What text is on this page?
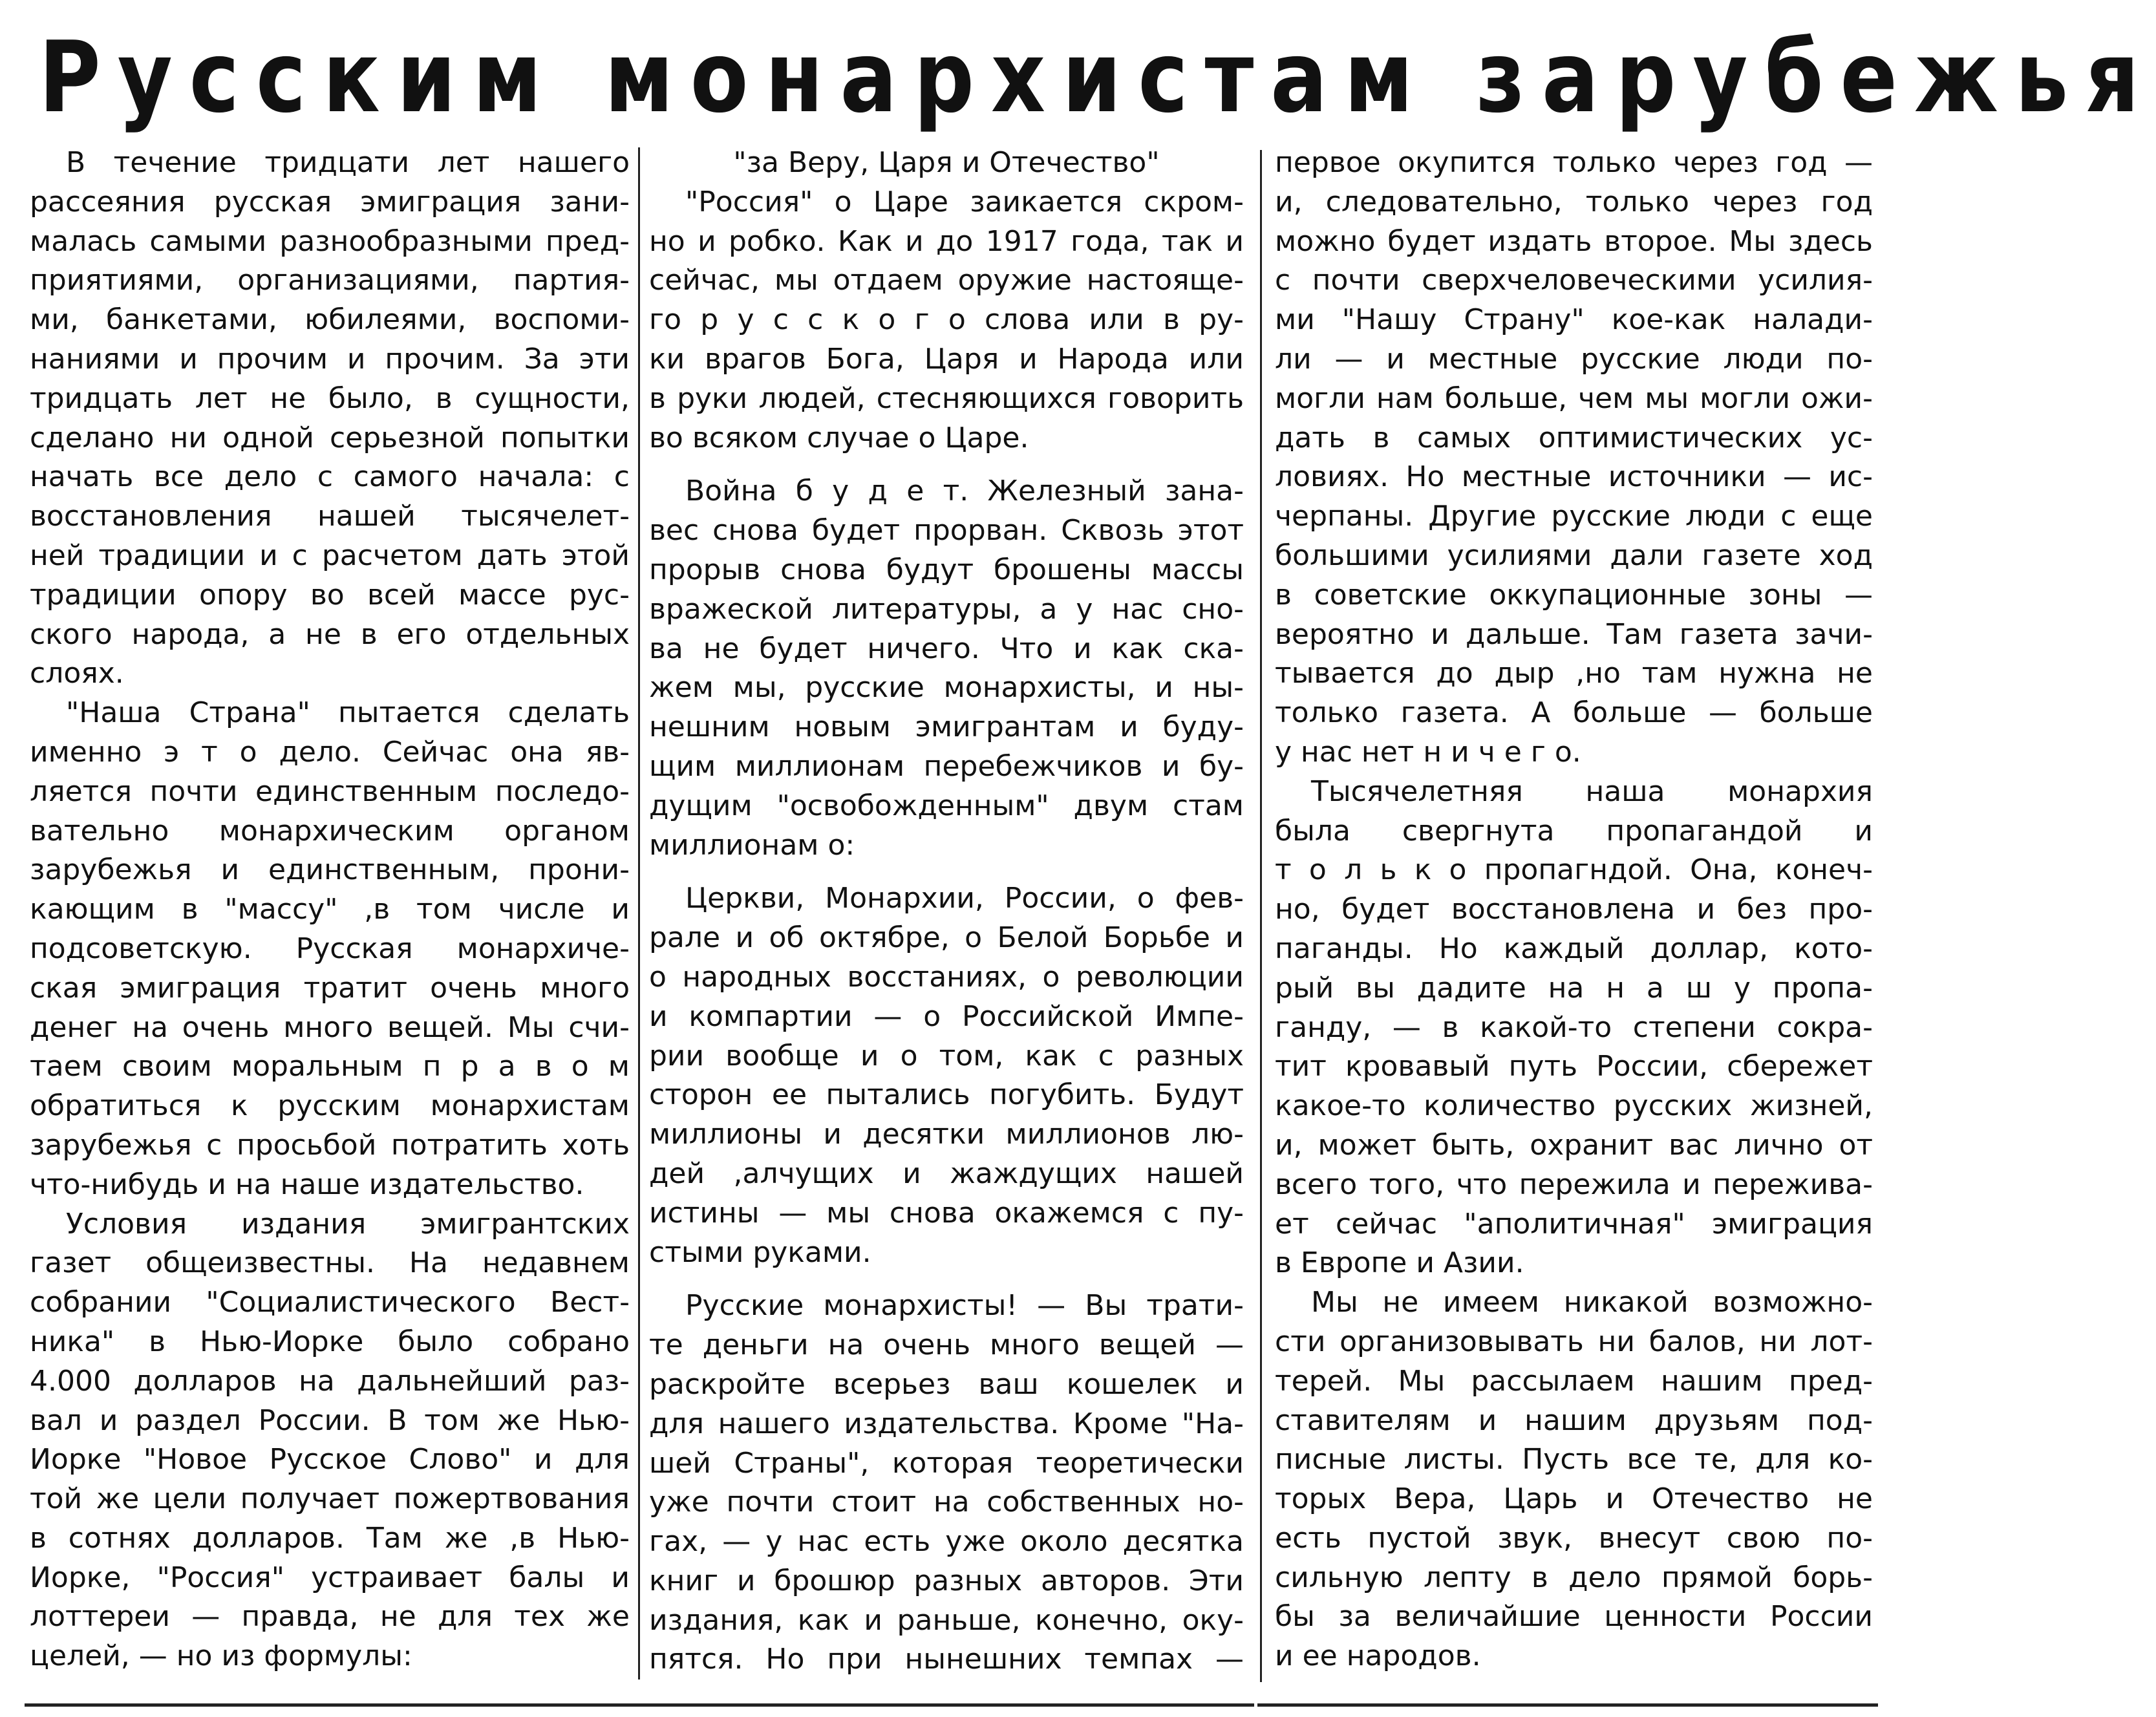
Русским монархистам зарубежья
В течение тридцати лет нашего
рассеяния русская эмиграция зани-
малась самыми разнообразными пред-
приятиями, организациями, партия-
ми, банкетами, юбилеями, воспоми-
наниями и прочим и прочим. За эти
тридцать лет не было, в сущности,
сделано ни одной серьезной попытки
начать все дело с самого начала: с
восстановления нашей тысячелет-
ней традиции и с расчетом дать этой
традиции опору во всей массе рус-
ского народа, а не в его отдельных
слоях.
"Наша Страна" пытается сделать
именно э т о дело. Сейчас она яв-
ляется почти единственным последо-
вательно монархическим органом
зарубежья и единственным, прони-
кающим в "массу" ,в том числе и
подсоветскую. Русская монархиче-
ская эмиграция тратит очень много
денег на очень много вещей. Мы счи-
таем своим моральным п р а в о м
обратиться к русским монархистам
зарубежья с просьбой потратить хоть
что-нибудь и на наше издательство.
Условия издания эмигрантских
газет общеизвестны. На недавнем
собрании "Социалистического Вест-
ника" в Нью-Иорке было собрано
4.000 долларов на дальнейший раз-
вал и раздел России. В том же Нью-
Иорке "Новое Русское Слово" и для
той же цели получает пожертвования
в сотнях долларов. Там же ,в Нью-
Иорке, "Россия" устраивает балы и
лоттереи — правда, не для тех же
целей, — но из формулы:
"за Веру, Царя и Отечество"
"Россия" о Царе заикается скром-
но и робко. Как и до 1917 года, так и
сейчас, мы отдаем оружие настояще-
го р у с с к о г о слова или в ру-
ки врагов Бога, Царя и Народа или
в руки людей, стесняющихся говорить
во всяком случае о Царе.
Война б у д е т. Железный зана-
вес снова будет прорван. Сквозь этот
прорыв снова будут брошены массы
вражеской литературы, а у нас сно-
ва не будет ничего. Что и как ска-
жем мы, русские монархисты, и ны-
нешним новым эмигрантам и буду-
щим миллионам перебежчиков и бу-
дущим "освобожденным" двум стам
миллионам о:
Церкви, Монархии, России, о фев-
рале и об октябре, о Белой Борьбе и
о народных восстаниях, о революции
и компартии — о Российской Импе-
рии вообще и о том, как с разных
сторон ее пытались погубить. Будут
миллионы и десятки миллионов лю-
дей ,алчущих и жаждущих нашей
истины — мы снова окажемся с пу-
стыми руками.
Русские монархисты! — Вы трати-
те деньги на очень много вещей —
раскройте всерьез ваш кошелек и
для нашего издательства. Кроме "На-
шей Страны", которая теоретически
уже почти стоит на собственных но-
гах, — у нас есть уже около десятка
книг и брошюр разных авторов. Эти
издания, как и раньше, конечно, оку-
пятся. Но при нынешних темпах —
первое окупится только через год —
и, следовательно, только через год
можно будет издать второе. Мы здесь
с почти сверхчеловеческими усилия-
ми "Нашу Страну" кое-как налади-
ли — и местные русские люди по-
могли нам больше, чем мы могли ожи-
дать в самых оптимистических ус-
ловиях. Но местные источники — ис-
черпаны. Другие русские люди с еще
большими усилиями дали газете ход
в советские оккупационные зоны —
вероятно и дальше. Там газета зачи-
тывается до дыр ,но там нужна не
только газета. А больше — больше
у нас нет н и ч е г о.
Тысячелетняя наша монархия
была свергнута пропагандой и
т о л ь к о пропагндой. Она, конеч-
но, будет восстановлена и без про-
паганды. Но каждый доллар, кото-
рый вы дадите на н а ш у пропа-
ганду, — в какой-то степени сокра-
тит кровавый путь России, сбережет
какое-то количество русских жизней,
и, может быть, охранит вас лично от
всего того, что пережила и пережива-
ет сейчас "аполитичная" эмиграция
в Европе и Азии.
Мы не имеем никакой возможно-
сти организовывать ни балов, ни лот-
терей. Мы рассылаем нашим пред-
ставителям и нашим друзьям под-
писные листы. Пусть все те, для ко-
торых Вера, Царь и Отечество не
есть пустой звук, внесут свою по-
сильную лепту в дело прямой борь-
бы за величайшие ценности России
и ее народов.
